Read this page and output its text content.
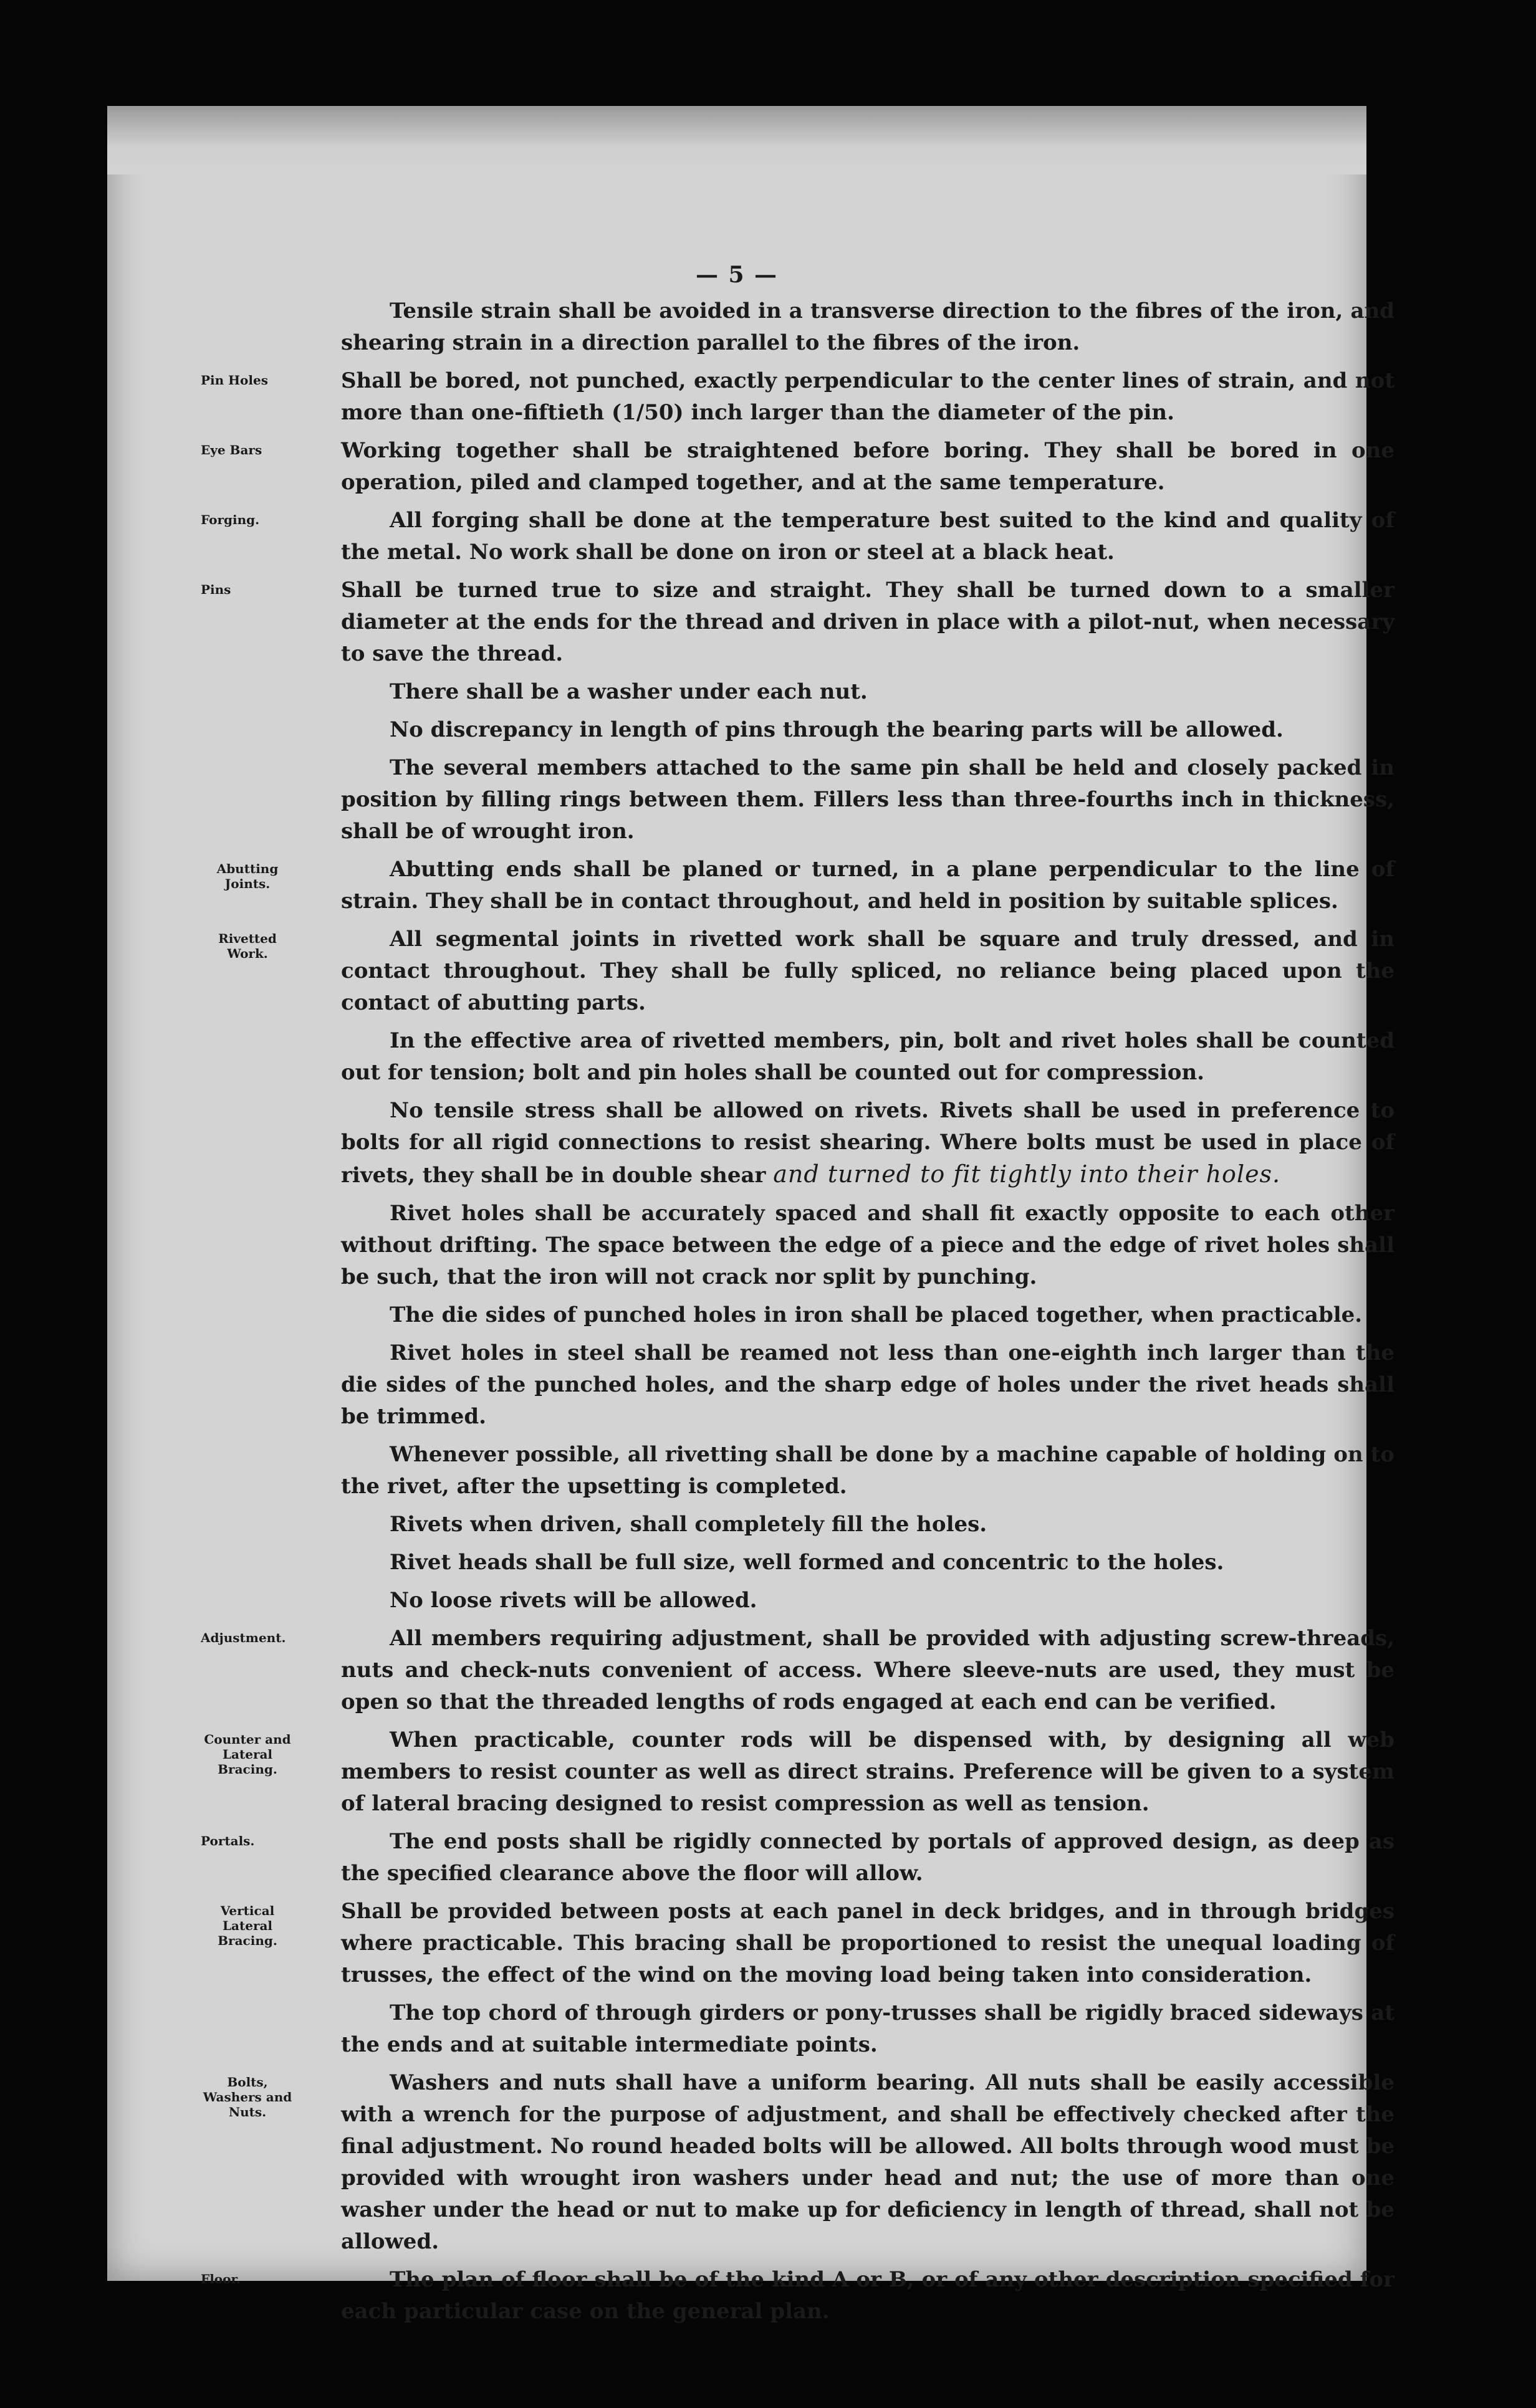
— 5 —
Tensile strain shall be avoided in a transverse direction to the fibres of the iron, and shearing strain in a direction parallel to the fibres of the iron.
Pin Holes	Shall be bored, not punched, exactly perpendicular to the center lines of strain, and not more than one-fiftieth (1/50) inch larger than the diameter of the pin.
Eye Bars	Working together shall be straightened before boring. They shall be bored in one operation, piled and clamped together, and at the same temperature.
Forging.	All forging shall be done at the temperature best suited to the kind and quality of the metal. No work shall be done on iron or steel at a black heat.
Pins	Shall be turned true to size and straight. They shall be turned down to a smaller diameter at the ends for the thread and driven in place with a pilot-nut, when necessary to save the thread.
There shall be a washer under each nut.
No discrepancy in length of pins through the bearing parts will be allowed.
The several members attached to the same pin shall be held and closely packed in position by filling rings between them. Fillers less than three-fourths inch in thickness, shall be of wrought iron.
Abutting Joints.
Abutting ends shall be planed or turned, in a plane perpendicular to the line of strain. They shall be in contact throughout, and held in position by suitable splices.
Rivetted Work.
All segmental joints in rivetted work shall be square and truly dressed, and in contact throughout. They shall be fully spliced, no reliance being placed upon the contact of abutting parts.
In the effective area of rivetted members, pin, bolt and rivet holes shall be counted out for tension; bolt and pin holes shall be counted out for compression.
No tensile stress shall be allowed on rivets. Rivets shall be used in preference to bolts for all rigid connections to resist shearing. Where bolts must be used in place of rivets, they shall be in double shear and turned to fit tightly into their holes.
Rivet holes shall be accurately spaced and shall fit exactly opposite to each other without drifting. The space between the edge of a piece and the edge of rivet holes shall be such, that the iron will not crack nor split by punching.
The die sides of punched holes in iron shall be placed together, when practicable.
Rivet holes in steel shall be reamed not less than one-eighth inch larger than the die sides of the punched holes, and the sharp edge of holes under the rivet heads shall be trimmed.
Whenever possible, all rivetting shall be done by a machine capable of holding on to the rivet, after the upsetting is completed.
Rivets when driven, shall completely fill the holes.
Rivet heads shall be full size, well formed and concentric to the holes.
No loose rivets will be allowed.
Adjustment.	All members requiring adjustment, shall be provided with adjusting screw-threads, nuts and check-nuts convenient of access. Where sleeve-nuts are used, they must be open so that the threaded lengths of rods engaged at each end can be verified.
Counter and Lateral Bracing.
When practicable, counter rods will be dispensed with, by designing all web members to resist counter as well as direct strains. Preference will be given to a system of lateral bracing designed to resist compression as well as tension.
Portals.	The end posts shall be rigidly connected by portals of approved design, as deep as the specified clearance above the floor will allow.
Vertical Lateral Bracing.
Shall be provided between posts at each panel in deck bridges, and in through bridges where practicable. This bracing shall be proportioned to resist the unequal loading of trusses, the effect of the wind on the moving load being taken into consideration.
The top chord of through girders or pony-trusses shall be rigidly braced sideways at the ends and at suitable intermediate points.
Bolts, Washers and Nuts.
Washers and nuts shall have a uniform bearing. All nuts shall be easily accessible with a wrench for the purpose of adjustment, and shall be effectively checked after the final adjustment. No round headed bolts will be allowed. All bolts through wood must be provided with wrought iron washers under head and nut; the use of more than one washer under the head or nut to make up for deficiency in length of thread, shall not be allowed.
Floor.	The plan of floor shall be of the kind A or B, or of any other description specified for each particular case on the general plan.
